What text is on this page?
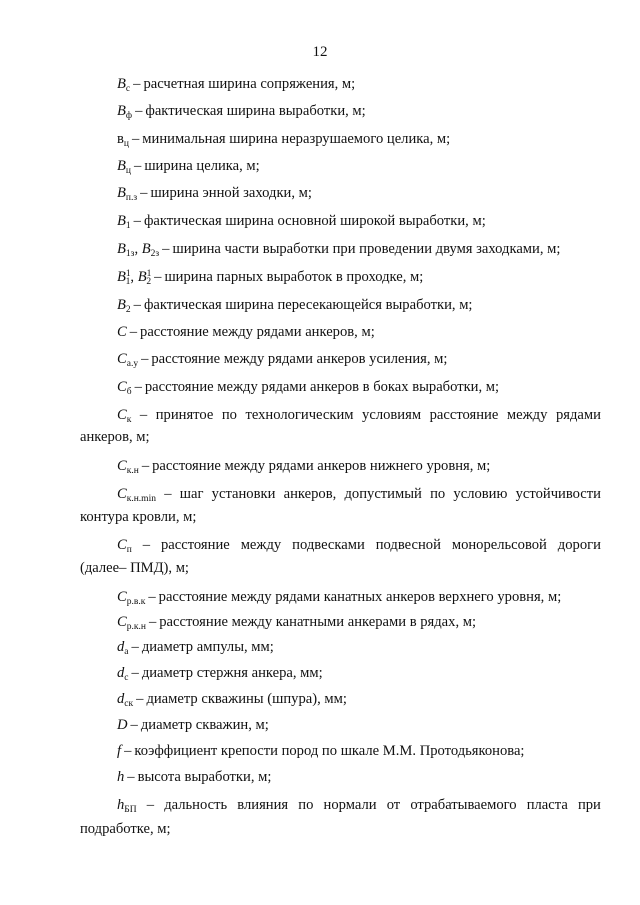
12
$B_c$ – расчетная ширина сопряжения, м;
$B_ф$ – фактическая ширина выработки, м;
$в_ц$ – минимальная ширина неразрушаемого целика, м;
$B_ц$ – ширина целика, м;
$B_{п.з}$ – ширина энной заходки, м;
$B_1$ – фактическая ширина основной широкой выработки, м;
$B_{1з}$, $B_{2з}$ – ширина части выработки при проведении двумя заходками, м;
$B^1_1$, $B^1_2$ – ширина парных выработок в проходке, м;
$B_2$ – фактическая ширина пересекающейся выработки, м;
C – расстояние между рядами анкеров, м;
$C_{а.у}$ – расстояние между рядами анкеров усиления, м;
$C_б$ – расстояние между рядами анкеров в боках выработки, м;
$C_к$ – принятое по технологическим условиям расстояние между рядами
анкеров, м;
$C_{к.н}$ – расстояние между рядами анкеров нижнего уровня, м;
$C_{к.н.min}$ – шаг установки анкеров, допустимый по условию устойчивости
контура кровли, м;
$C_п$ – расстояние между подвесками подвесной монорельсовой дороги
(далее– ПМД), м;
$C_{р.в.к}$ – расстояние между рядами канатных анкеров верхнего уровня, м;
$C_{р.к.н}$ – расстояние между канатными анкерами в рядах, м;
$d_а$ – диаметр ампулы, мм;
$d_с$ – диаметр стержня анкера, мм;
$d_{ск}$ – диаметр скважины (шпура), мм;
D – диаметр скважин, м;
f – коэффициент крепости пород по шкале М.М. Протодьяконова;
h – высота выработки, м;
$h_{БП}$ – дальность влияния по нормали от отрабатываемого пласта при
подработке, м;
